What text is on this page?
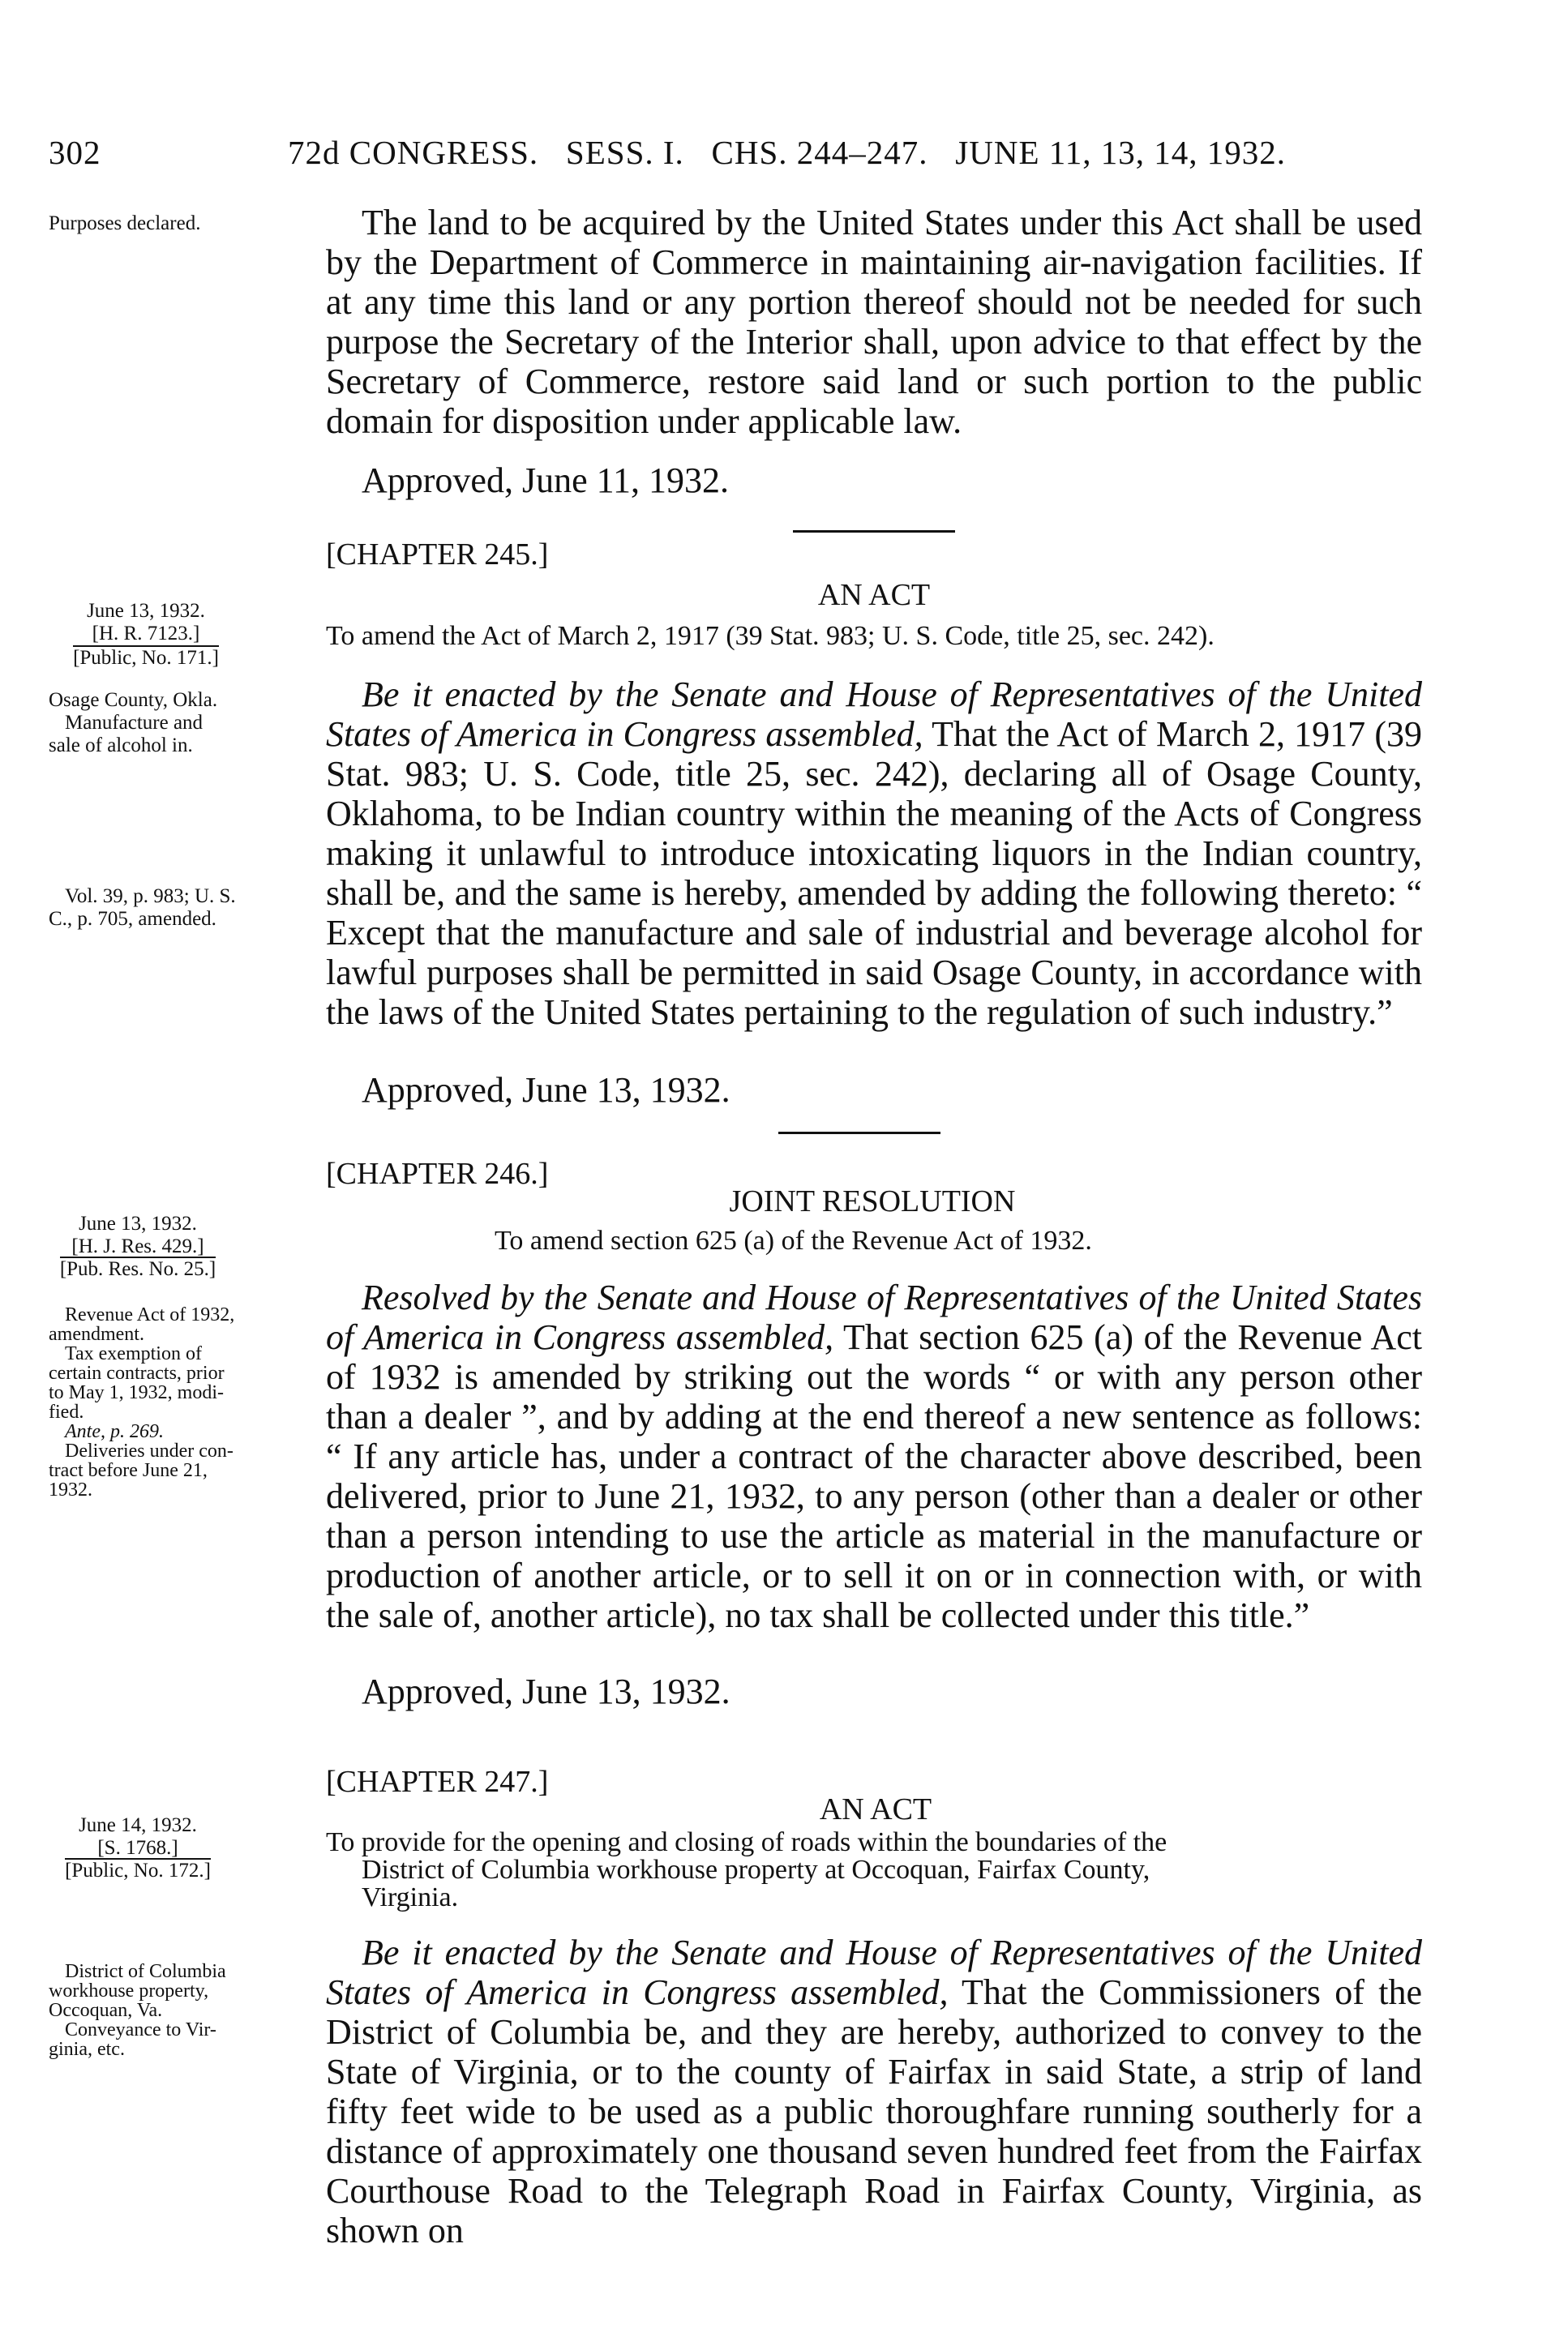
302	72d CONGRESS.   SESS. I.   CHS. 244–247.   JUNE 11, 13, 14, 1932.
Purposes declared.	The land to be acquired by the United States under this Act shall be used by the Department of Commerce in maintaining air-navigation facilities. If at any time this land or any portion thereof should not be needed for such purpose the Secretary of the Interior shall, upon advice to that effect by the Secretary of Commerce, restore said land or such portion to the public domain for disposition under applicable law.

Approved, June 11, 1932.
[CHAPTER 245.]
AN ACT
June 13, 1932.
[H. R. 7123.]
[Public, No. 171.]
To amend the Act of March 2, 1917 (39 Stat. 983; U. S. Code, title 25, sec. 242).
Osage County, Okla.
Manufacture and
sale of alcohol in.
Vol. 39, p. 983; U. S.
C., p. 705, amended.

Be it enacted by the Senate and House of Representatives of the United States of America in Congress assembled, That the Act of March 2, 1917 (39 Stat. 983; U. S. Code, title 25, sec. 242), declaring all of Osage County, Oklahoma, to be Indian country within the meaning of the Acts of Congress making it unlawful to introduce intoxicating liquors in the Indian country, shall be, and the same is hereby, amended by adding the following thereto: “ Except that the manufacture and sale of industrial and beverage alcohol for lawful purposes shall be permitted in said Osage County, in accordance with the laws of the United States pertaining to the regulation of such industry.”

Approved, June 13, 1932.
[CHAPTER 246.]
JOINT RESOLUTION
June 13, 1932.
[H. J. Res. 429.]
[Pub. Res. No. 25.]
To amend section 625 (a) of the Revenue Act of 1932.
Revenue Act of 1932,
amendment.
Tax exemption of
certain contracts, prior
to May 1, 1932, modi-
fied.
Ante, p. 269.
Deliveries under con-
tract before June 21,
1932.

Resolved by the Senate and House of Representatives of the United States of America in Congress assembled, That section 625 (a) of the Revenue Act of 1932 is amended by striking out the words “ or with any person other than a dealer ”, and by adding at the end thereof a new sentence as follows: “ If any article has, under a contract of the character above described, been delivered, prior to June 21, 1932, to any person (other than a dealer or other than a person intending to use the article as material in the manufacture or production of another article, or to sell it on or in connection with, or with the sale of, another article), no tax shall be collected under this title.”

Approved, June 13, 1932.
[CHAPTER 247.]
AN ACT
June 14, 1932.
[S. 1768.]
[Public, No. 172.]
To provide for the opening and closing of roads within the boundaries of the
District of Columbia workhouse property at Occoquan, Fairfax County,
Virginia.
District of Columbia
workhouse property,
Occoquan, Va.
Conveyance to Vir-
ginia, etc.

Be it enacted by the Senate and House of Representatives of the United States of America in Congress assembled, That the Commissioners of the District of Columbia be, and they are hereby, authorized to convey to the State of Virginia, or to the county of Fairfax in said State, a strip of land fifty feet wide to be used as a public thoroughfare running southerly for a distance of approximately one thousand seven hundred feet from the Fairfax Courthouse Road to the Telegraph Road in Fairfax County, Virginia, as shown on
